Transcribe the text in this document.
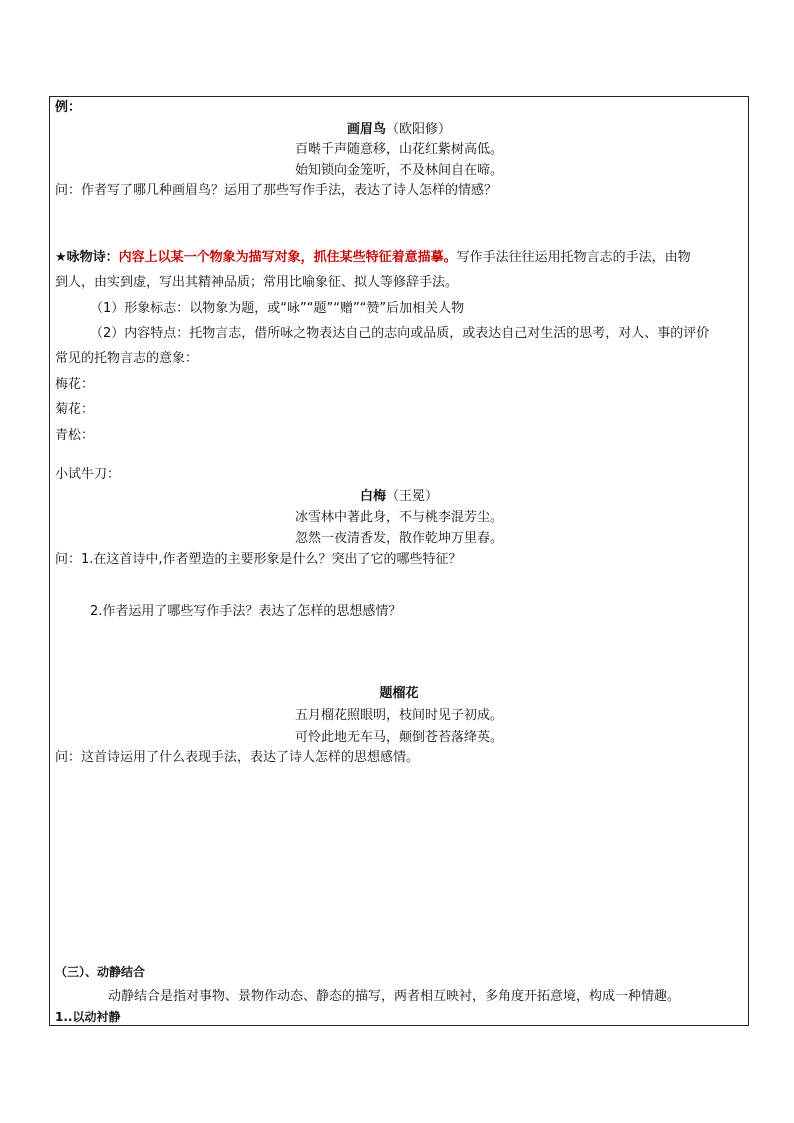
例：
画眉鸟（欧阳修）
百啭千声随意移，山花红紫树高低。
始知锁向金笼听，不及林间自在啼。
问：作者写了哪几种画眉鸟？运用了那些写作手法，表达了诗人怎样的情感？
★咏物诗：内容上以某一个物象为描写对象，抓住某些特征着意描摹。写作手法往往运用托物言志的手法，由物
到人，由实到虚，写出其精神品质；常用比喻象征、拟人等修辞手法。
（1）形象标志：以物象为题，或“咏”“题”“赠”“赞”后加相关人物
（2）内容特点：托物言志，借所咏之物表达自己的志向或品质，或表达自己对生活的思考，对人、事的评价
常见的托物言志的意象：
梅花：
菊花：
青松：
小试牛刀：
白梅（王冕）
冰雪林中著此身，不与桃李混芳尘。
忽然一夜清香发，散作乾坤万里春。
问：1.在这首诗中,作者塑造的主要形象是什么？突出了它的哪些特征？
2.作者运用了哪些写作手法？表达了怎样的思想感情？
题榴花
五月榴花照眼明，枝间时见子初成。
可怜此地无车马，颠倒苍苔落绛英。
问：这首诗运用了什么表现手法，表达了诗人怎样的思想感情。
（三）、动静结合
动静结合是指对事物、景物作动态、静态的描写，两者相互映衬，多角度开拓意境，构成一种情趣。
1..以动衬静
